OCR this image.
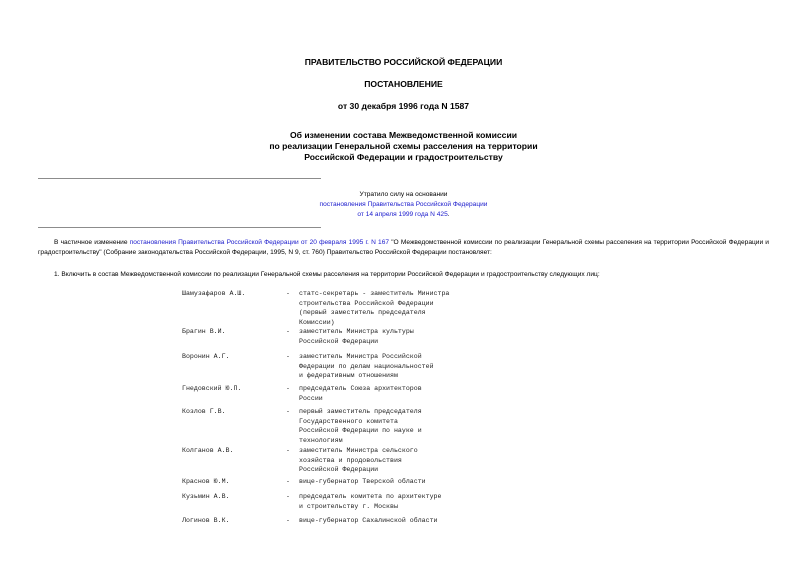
ПРАВИТЕЛЬСТВО РОССИЙСКОЙ ФЕДЕРАЦИИ
ПОСТАНОВЛЕНИЕ
от 30 декабря 1996 года N 1587
Об изменении состава Межведомственной комиссии
по реализации Генеральной схемы расселения на территории
Российской Федерации и градостроительству
Утратило силу на основании
постановления Правительства Российской Федерации
от 14 апреля 1999 года N 425.
В частичное изменение постановления Правительства Российской Федерации от 20 февраля 1995 г. N 167 "О Межведомственной комиссии по реализации Генеральной схемы расселения на территории Российской Федерации и градостроительству" (Собрание законодательства Российской Федерации, 1995, N 9, ст. 760) Правительство Российской Федерации постановляет:
1. Включить в состав Межведомственной комиссии по реализации Генеральной схемы расселения на территории Российской Федерации и градостроительству следующих лиц:
Шамузафаров А.Ш.	- статс-секретарь - заместитель Министра
строительства Российской Федерации
(первый заместитель председателя
Комиссии)
Брагин В.И.	- заместитель Министра культуры
Российской Федерации
Воронин А.Г.	- заместитель Министра Российской
Федерации по делам национальностей
и федеративным отношениям
Гнедовский Ю.П.	- председатель Союза архитекторов
России
Козлов Г.В.	- первый заместитель председателя
Государственного комитета
Российской Федерации по науке и
технологиям
Колганов А.В.	- заместитель Министра сельского
хозяйства и продовольствия
Российской Федерации
Краснов Ю.М.	- вице-губернатор Тверской области
Кузьмин А.В.	- председатель комитета по архитектуре
и строительству г. Москвы
Логинов В.К.	- вице-губернатор Сахалинской области
